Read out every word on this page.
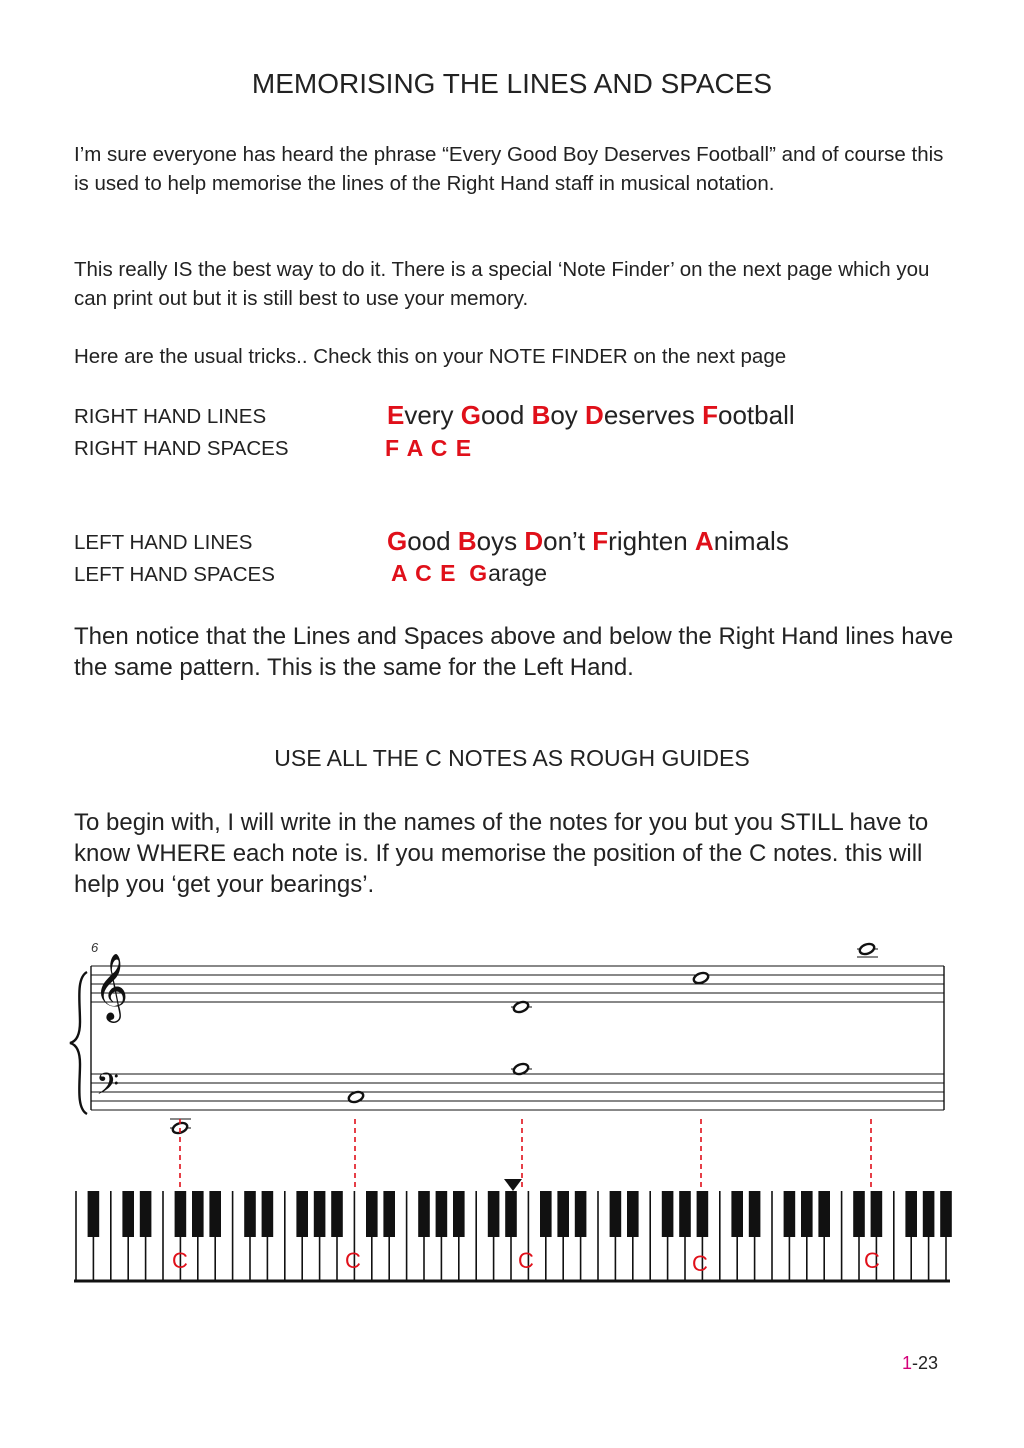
MEMORISING THE LINES AND SPACES
I’m sure everyone has heard the phrase “Every Good Boy Deserves Football” and of course this is used to help memorise the lines of the Right Hand staff in musical notation.
This really IS the best way to do it. There is a special ‘Note Finder’ on the next page which you can print out but it is still best to use your memory.
Here are the usual tricks.. Check this on your NOTE FINDER on the next page
RIGHT HAND LINES	Every Good Boy Deserves Football
RIGHT HAND SPACES	F A C E
LEFT HAND LINES	Good Boys Don’t Frighten Animals
LEFT HAND SPACES	A C E Garage
Then notice that the Lines and Spaces above and below the Right Hand lines have the same pattern. This is the same for the Left Hand.
USE ALL THE C NOTES AS ROUGH GUIDES
To begin with, I will write in the names of the notes for you but you STILL have to know WHERE each note is. If you memorise the position of the C notes. this will help you ‘get your bearings’.
6
𝄞
𝄢
C	C	C	C	C
1-23
